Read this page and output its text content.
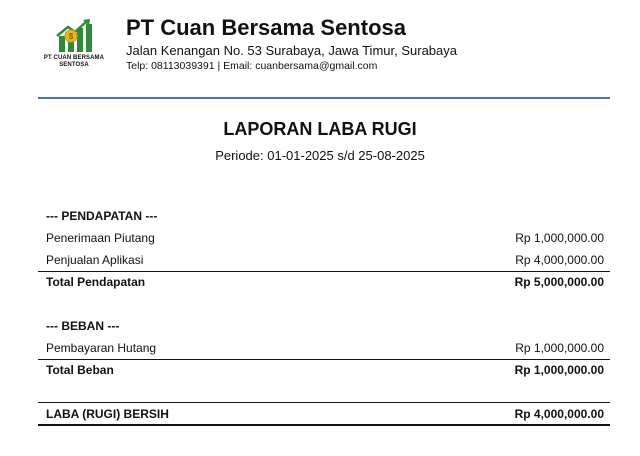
$
PT CUAN BERSAMA SENTOSA
PT Cuan Bersama Sentosa
Jalan Kenangan No. 53 Surabaya, Jawa Timur, Surabaya
Telp: 08113039391 | Email: cuanbersama@gmail.com
LAPORAN LABA RUGI
Periode: 01-01-2025 s/d 25-08-2025
--- PENDAPATAN ---
Penerimaan Piutang	Rp 1,000,000.00
Penjualan Aplikasi	Rp 4,000,000.00
Total Pendapatan	Rp 5,000,000.00
--- BEBAN ---
Pembayaran Hutang	Rp 1,000,000.00
Total Beban	Rp 1,000,000.00
LABA (RUGI) BERSIH	Rp 4,000,000.00
